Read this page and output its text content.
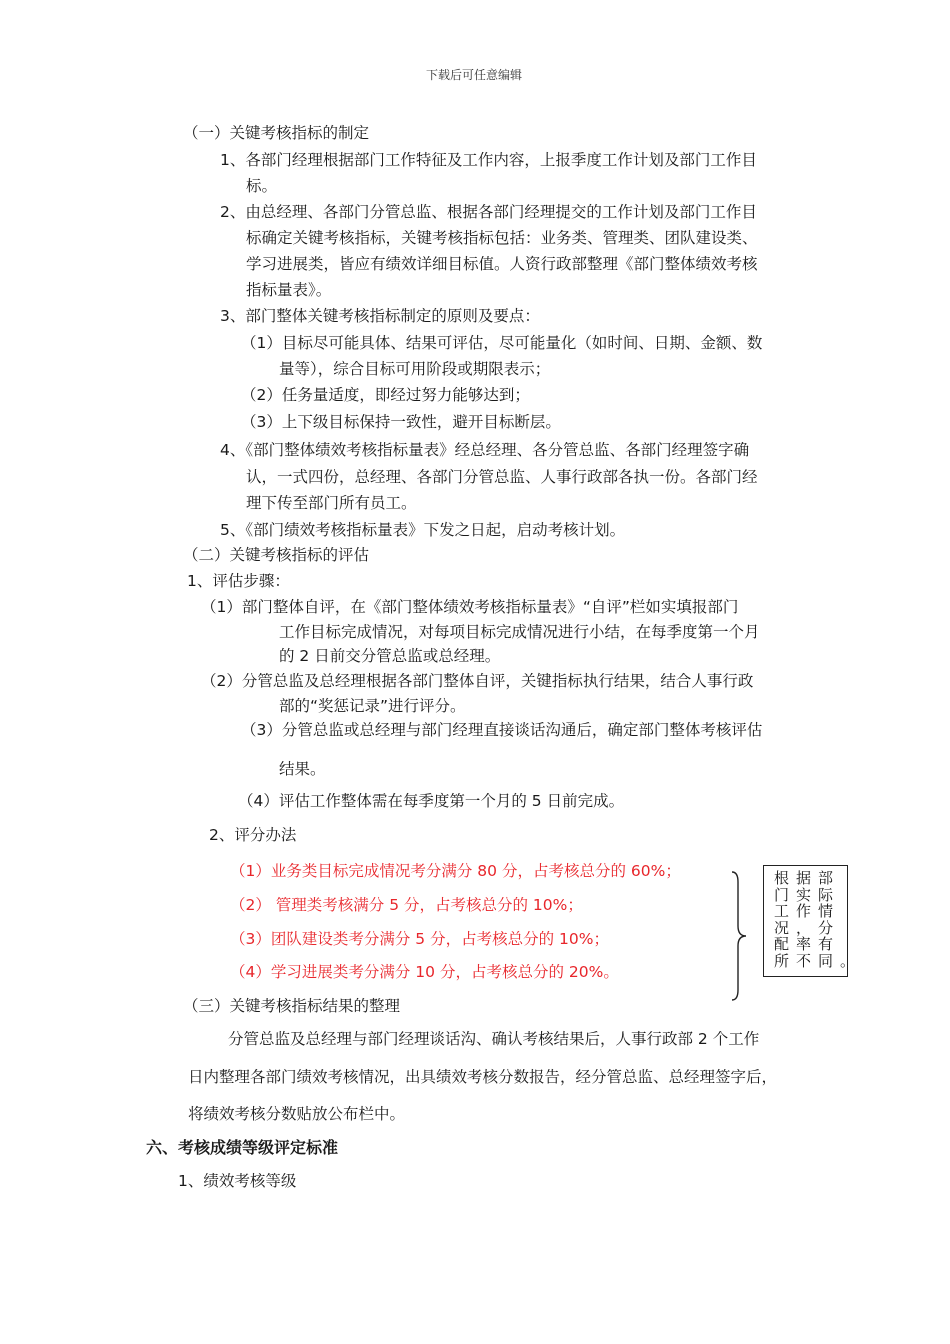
下载后可任意编辑
（一）关键考核指标的制定
1、各部门经理根据部门工作特征及工作内容，上报季度工作计划及部门工作目
标。
2、由总经理、各部门分管总监、根据各部门经理提交的工作计划及部门工作目
标确定关键考核指标，关键考核指标包括：业务类、管理类、团队建设类、
学习进展类，皆应有绩效详细目标值。人资行政部整理《部门整体绩效考核
指标量表》。
3、部门整体关键考核指标制定的原则及要点：
（1）目标尽可能具体、结果可评估，尽可能量化（如时间、日期、金额、数
量等），综合目标可用阶段或期限表示；
（2）任务量适度，即经过努力能够达到；
（3）上下级目标保持一致性，避开目标断层。
4、《部门整体绩效考核指标量表》经总经理、各分管总监、各部门经理签字确
认，一式四份，总经理、各部门分管总监、人事行政部各执一份。各部门经
理下传至部门所有员工。
5、《部门绩效考核指标量表》下发之日起，启动考核计划。
（二）关键考核指标的评估
1、评估步骤：
（1）部门整体自评，在《部门整体绩效考核指标量表》“自评”栏如实填报部门
工作目标完成情况，对每项目标完成情况进行小结，在每季度第一个月
的 2 日前交分管总监或总经理。
（2）分管总监及总经理根据各部门整体自评，关键指标执行结果，结合人事行政
部的“奖惩记录”进行评分。
（3）分管总监或总经理与部门经理直接谈话沟通后，确定部门整体考核评估
结果。
（4）评估工作整体需在每季度第一个月的 5 日前完成。
2、评分办法
（1）业务类目标完成情况考分满分 80 分，占考核总分的 60%；
（2） 管理类考核满分 5 分，占考核总分的 10%；
（3）团队建设类考分满分 5 分，占考核总分的 10%；
（4）学习进展类考分满分 10 分，占考核总分的 20%。
根据部
门实际
工作情
况，分
配率有
所不同。
（三）关键考核指标结果的整理
分管总监及总经理与部门经理谈话沟、确认考核结果后，人事行政部 2 个工作
日内整理各部门绩效考核情况，出具绩效考核分数报告，经分管总监、总经理签字后，
将绩效考核分数贴放公布栏中。
六、考核成绩等级评定标准
1、绩效考核等级
